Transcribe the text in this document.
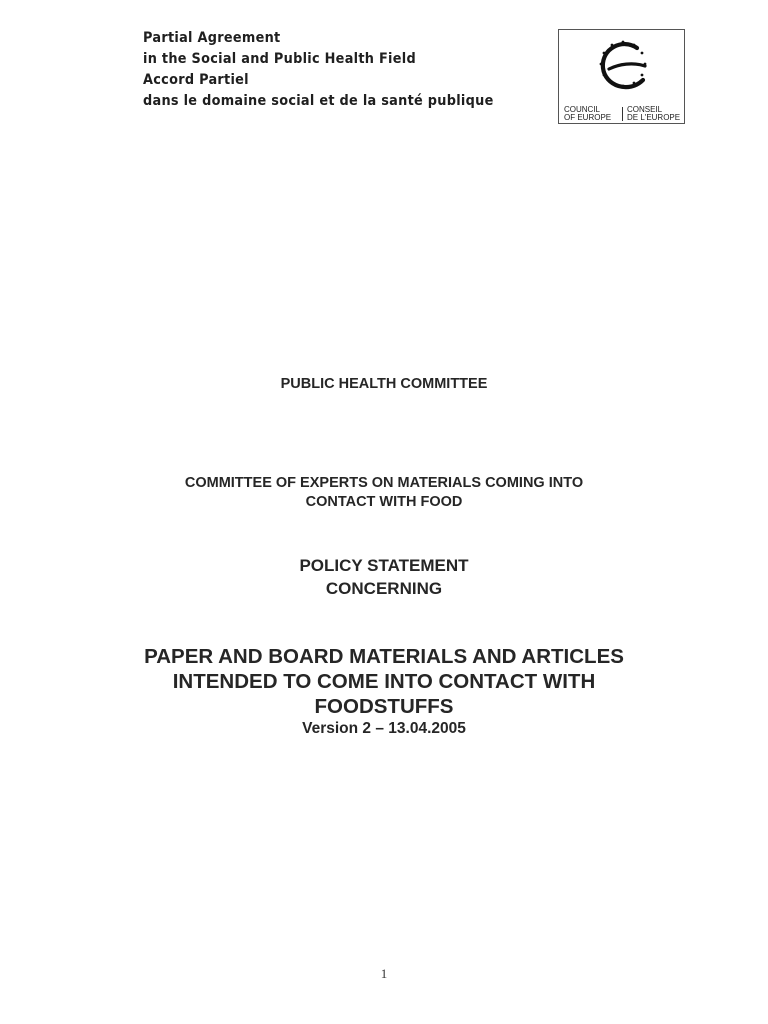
Partial Agreement
in the Social and Public Health Field
Accord Partiel
dans le domaine social et de la santé publique
COUNCIL
OF EUROPE
CONSEIL
DE L'EUROPE
PUBLIC HEALTH COMMITTEE
COMMITTEE OF EXPERTS ON MATERIALS COMING INTO
CONTACT WITH FOOD
POLICY STATEMENT
CONCERNING
PAPER AND BOARD MATERIALS AND ARTICLES
INTENDED TO COME INTO CONTACT WITH
FOODSTUFFS
Version 2 – 13.04.2005
1
